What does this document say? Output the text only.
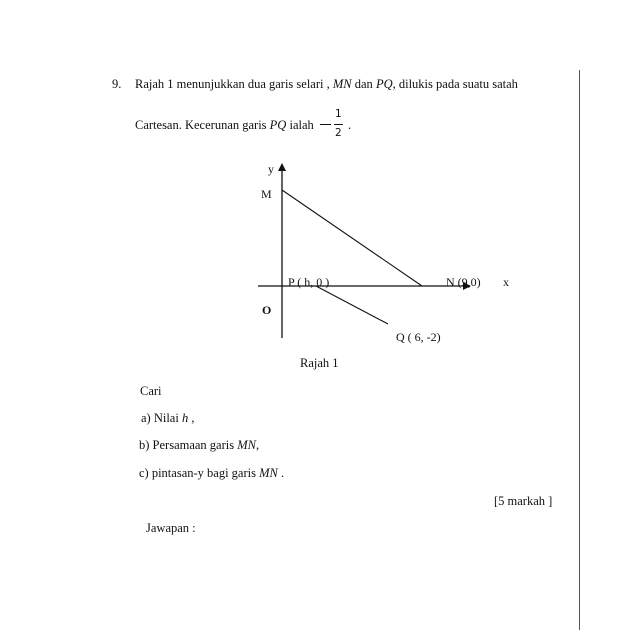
9. Rajah 1 menunjukkan dua garis selari , MN dan PQ, dilukis pada suatu satah
Cartesan. Kecerunan garis PQ ialah
1
2
.
y
M
P ( h, 0 )	N (9,0) x
O
Q ( 6, -2)
Rajah 1
Cari
a) Nilai h ,
b) Persamaan garis MN,
c) pintasan-y bagi garis MN .
[5 markah ]
Jawapan :
